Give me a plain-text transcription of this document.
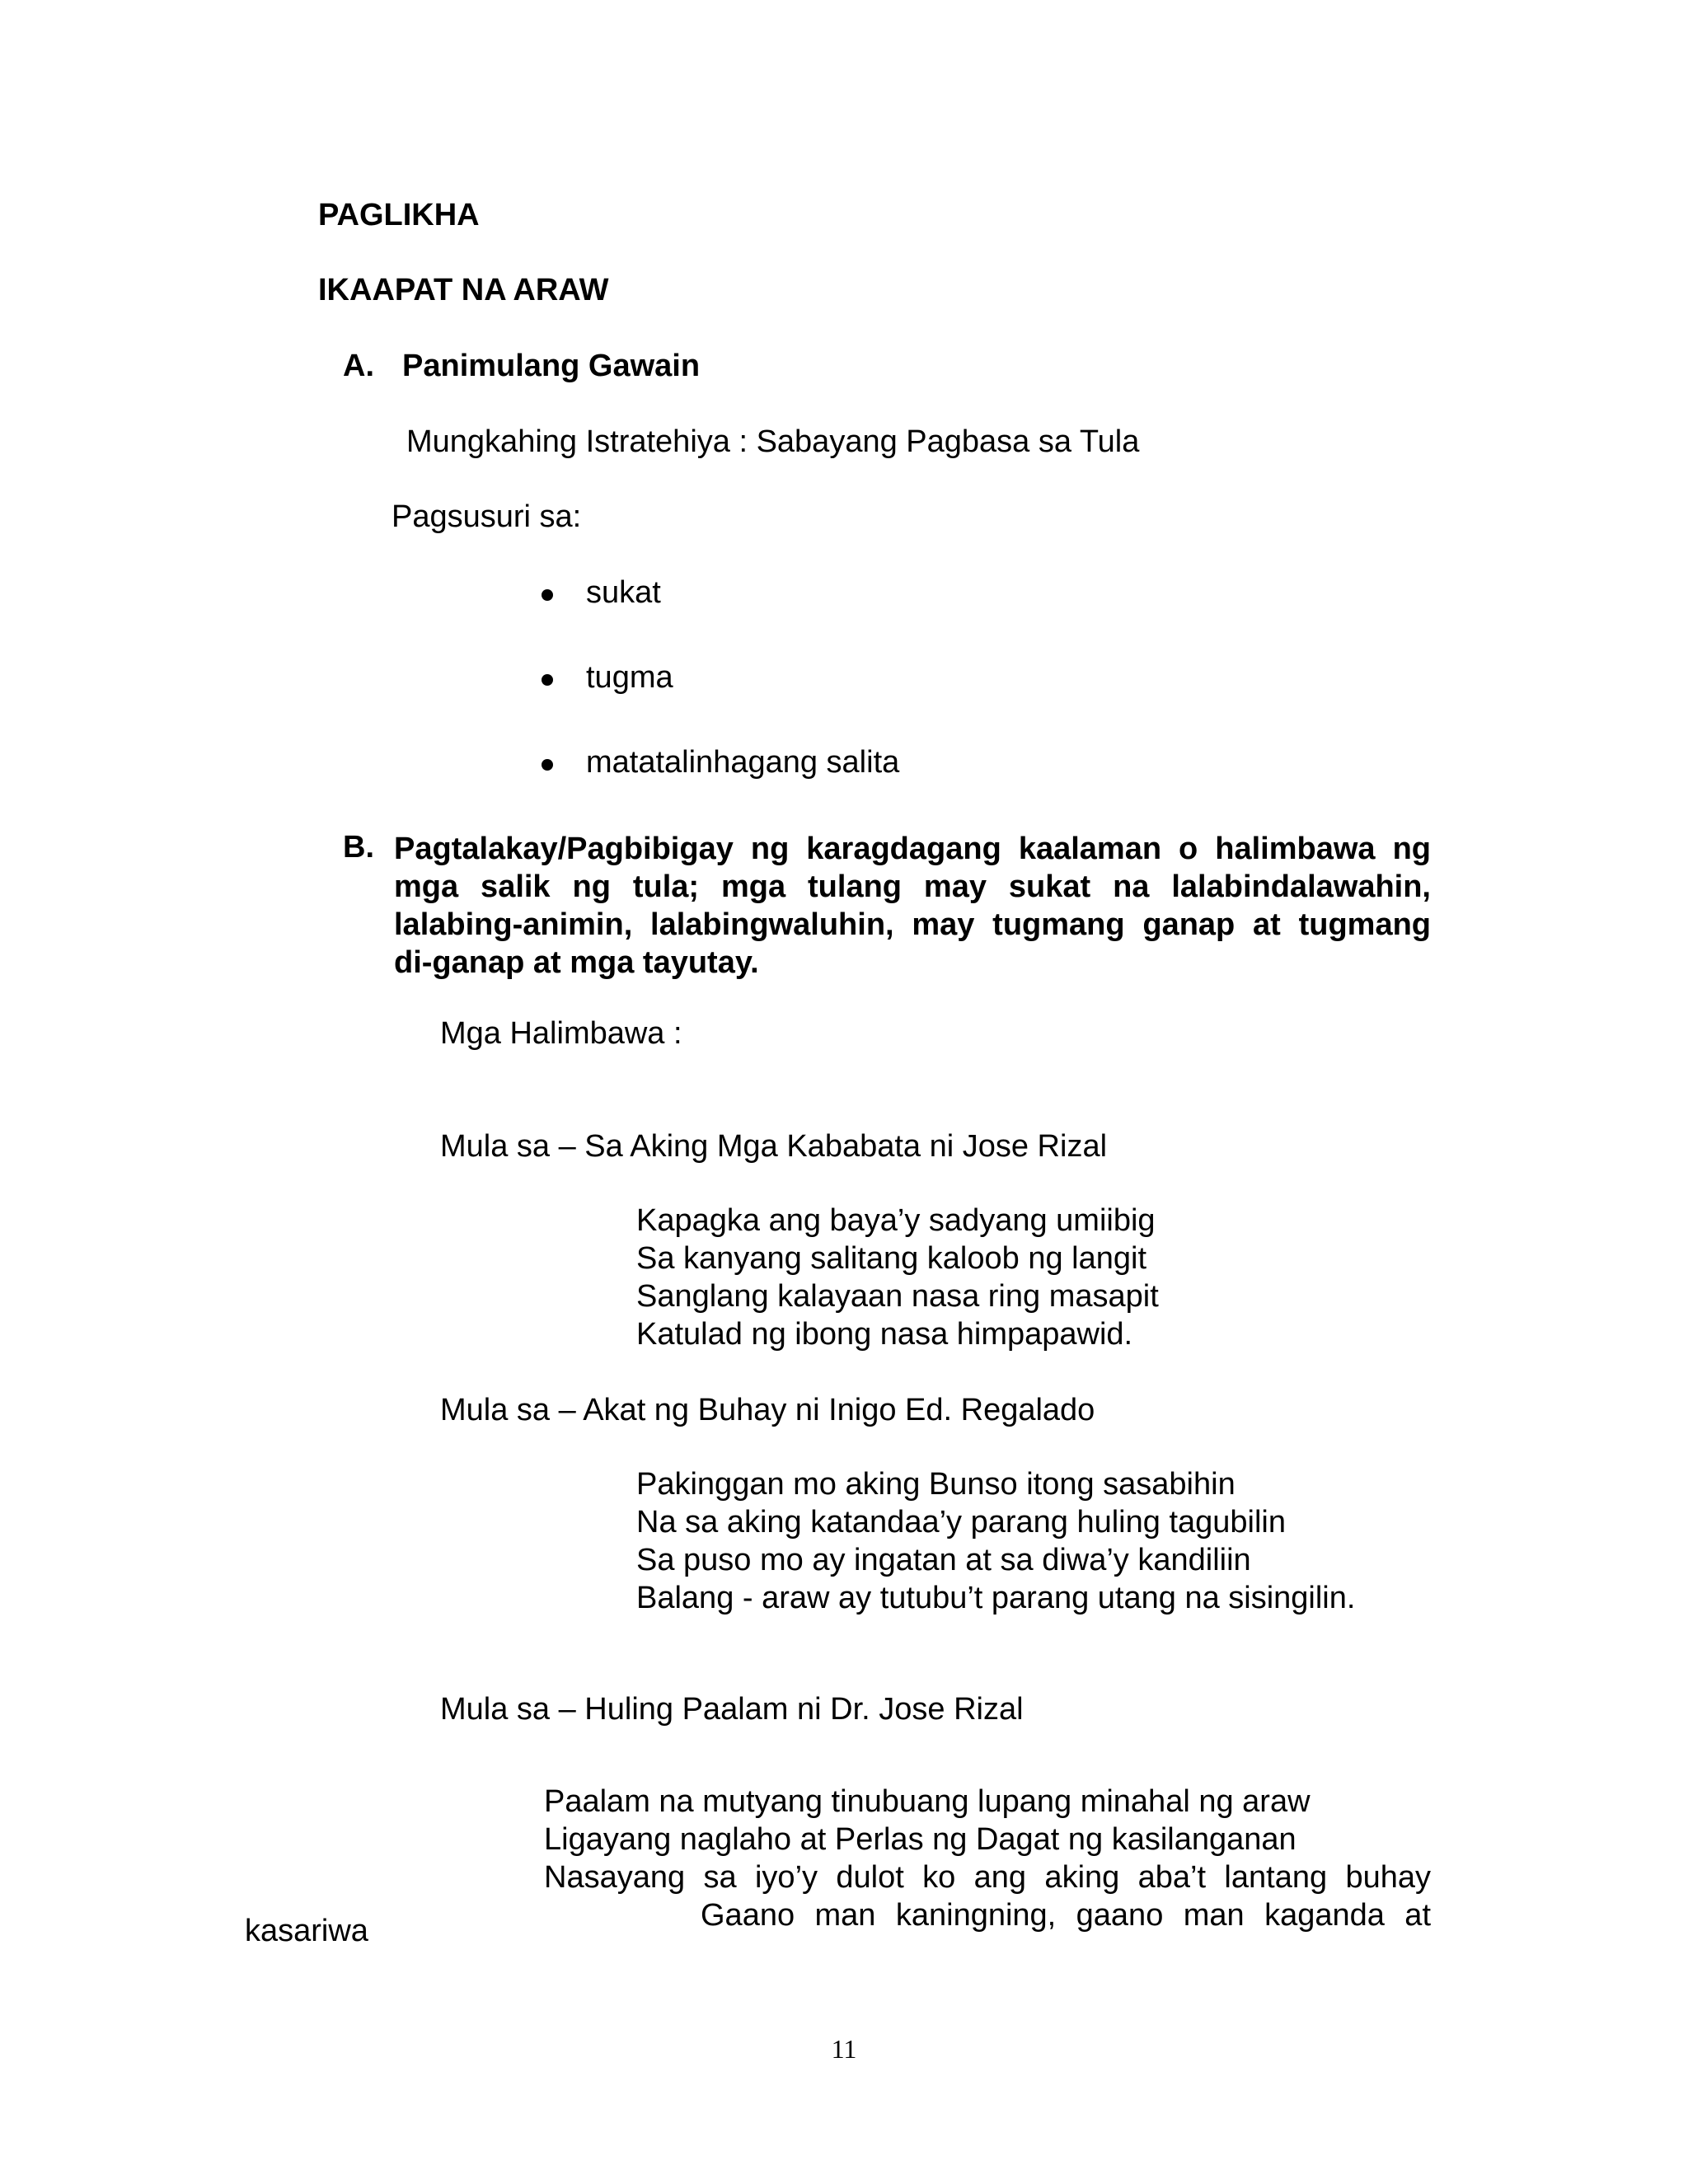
PAGLIKHA
IKAAPAT NA ARAW
A. Panimulang Gawain
Mungkahing Istratehiya : Sabayang Pagbasa sa Tula
Pagsusuri sa:
sukat
tugma
matatalinhagang salita
B. Pagtalakay/Pagbibigay ng karagdagang kaalaman o halimbawa ng
mga salik ng tula; mga tulang may sukat na lalabindalawahin,
lalabing-animin, lalabingwaluhin, may tugmang ganap at tugmang
di-ganap at mga tayutay.
Mga Halimbawa :
Mula sa – Sa Aking Mga Kababata ni Jose Rizal
Kapagka ang baya’y sadyang umiibig
Sa kanyang salitang kaloob ng langit
Sanglang kalayaan nasa ring masapit
Katulad ng ibong nasa himpapawid.
Mula sa – Akat ng Buhay ni Inigo Ed. Regalado
Pakinggan mo aking Bunso itong sasabihin
Na sa aking katandaa’y parang huling tagubilin
Sa puso mo ay ingatan at sa diwa’y kandiliin
Balang - araw ay tutubu’t parang utang na sisingilin.
Mula sa – Huling Paalam ni Dr. Jose Rizal
Paalam na mutyang tinubuang lupang minahal ng araw
Ligayang naglaho at Perlas ng Dagat ng kasilanganan
Nasayang sa iyo’y dulot ko ang aking aba’t lantang buhay
Gaano man kaningning, gaano man kaganda at
kasariwa
11
